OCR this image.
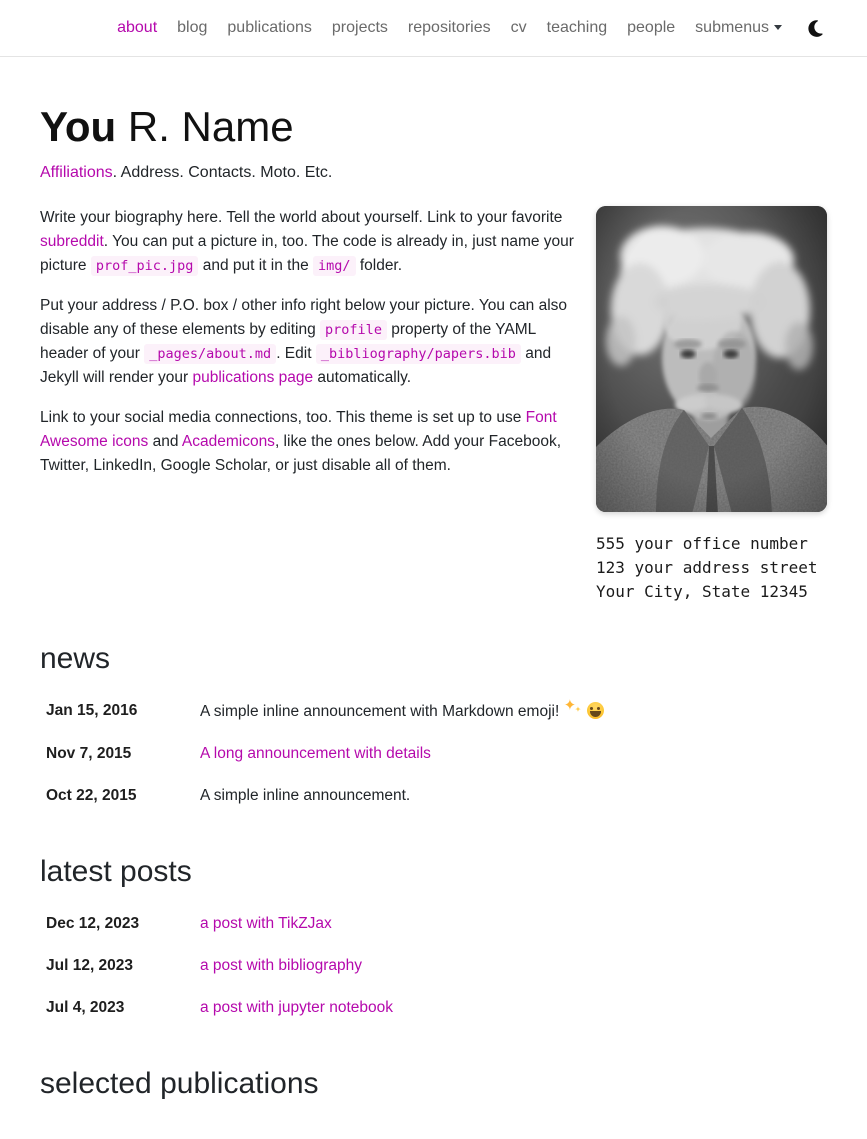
about	blog	publications	projects	repositories	cv	teaching	people	submenus
You R. Name

Affiliations. Address. Contacts. Moto. Etc.

Write your biography here. Tell the world about yourself. Link to your favorite subreddit. You can put a picture in, too. The code is already in, just name your picture prof_pic.jpg and put it in the img/ folder.

Put your address / P.O. box / other info right below your picture. You can also disable any of these elements by editing profile property of the YAML header of your _pages/about.md . Edit _bibliography/papers.bib and Jekyll will render your publications page automatically.

Link to your social media connections, too. This theme is set up to use Font Awesome icons and Academicons, like the ones below. Add your Facebook, Twitter, LinkedIn, Google Scholar, or just disable all of them.

555 your office number
123 your address street
Your City, State 12345
news
Jan 15, 2016	A simple inline announcement with Markdown emoji! ✦ ✦
Nov 7, 2015	A long announcement with details
Oct 22, 2015	A simple inline announcement.
latest posts
Dec 12, 2023	a post with TikZJax
Jul 12, 2023	a post with bibliography
Jul 4, 2023	a post with jupyter notebook
selected publications
